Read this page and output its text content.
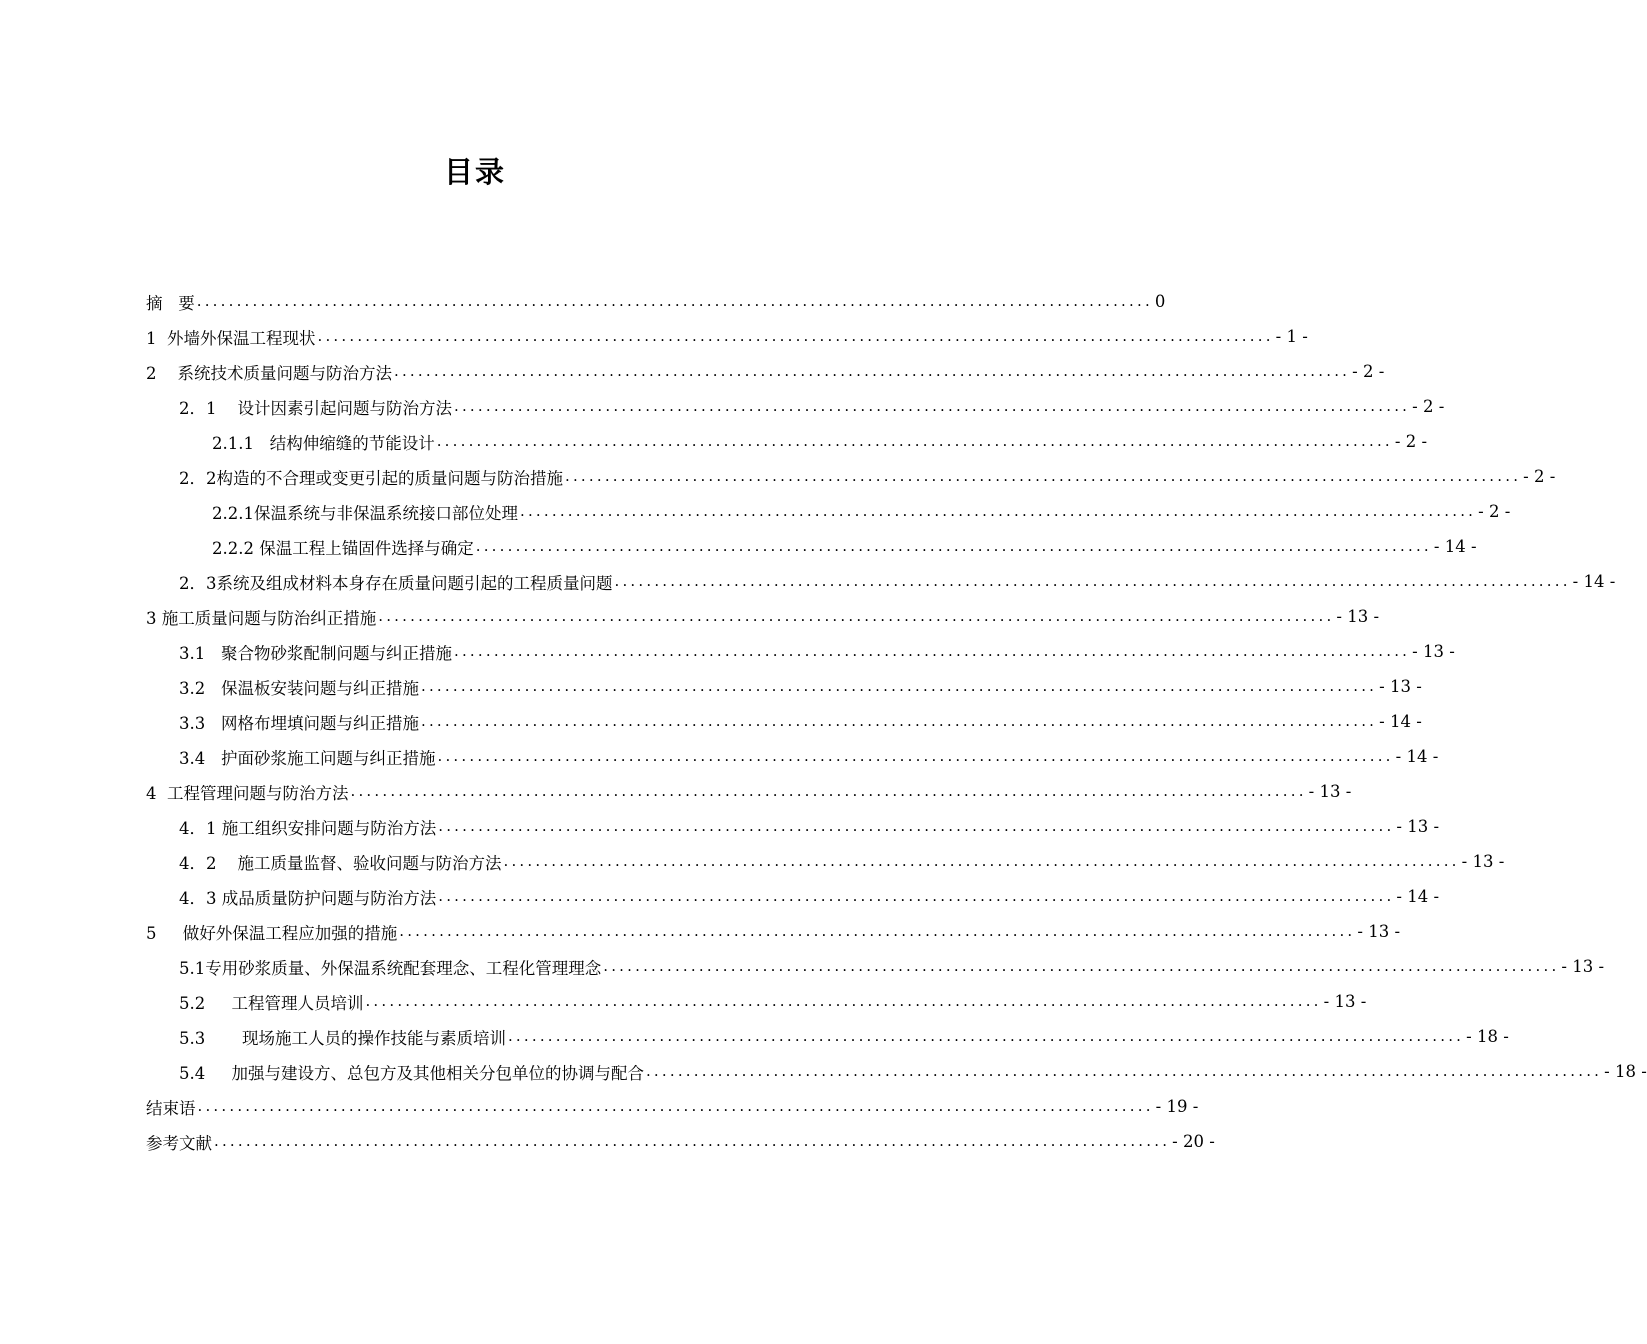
目录
摘   要 ........................................................................................................................ 0
1  外墙外保温工程现状 ........................................................................................................................ - 1 -
2    系统技术质量问题与防治方法 ........................................................................................................................ - 2 -
2．1    设计因素引起问题与防治方法 ........................................................................................................................ - 2 -
2.1.1   结构伸缩缝的节能设计 ........................................................................................................................ - 2 -
2．2构造的不合理或变更引起的质量问题与防治措施 ........................................................................................................................ - 2 -
2.2.1保温系统与非保温系统接口部位处理 ........................................................................................................................ - 2 -
2.2.2 保温工程上锚固件选择与确定 ........................................................................................................................ - 14 -
2．3系统及组成材料本身存在质量问题引起的工程质量问题 ........................................................................................................................ - 14 -
3 施工质量问题与防治纠正措施 ........................................................................................................................ - 13 -
3.1   聚合物砂浆配制问题与纠正措施 ........................................................................................................................ - 13 -
3.2   保温板安装问题与纠正措施 ........................................................................................................................ - 13 -
3.3   网格布埋填问题与纠正措施 ........................................................................................................................ - 14 -
3.4   护面砂浆施工问题与纠正措施 ........................................................................................................................ - 14 -
4  工程管理问题与防治方法 ........................................................................................................................ - 13 -
4．1 施工组织安排问题与防治方法 ........................................................................................................................ - 13 -
4．2    施工质量监督、验收问题与防治方法 ........................................................................................................................ - 13 -
4．3 成品质量防护问题与防治方法 ........................................................................................................................ - 14 -
5     做好外保温工程应加强的措施 ........................................................................................................................ - 13 -
5.1专用砂浆质量、外保温系统配套理念、工程化管理理念 ........................................................................................................................ - 13 -
5.2     工程管理人员培训 ........................................................................................................................ - 13 -
5.3       现场施工人员的操作技能与素质培训 ........................................................................................................................ - 18 -
5.4     加强与建设方、总包方及其他相关分包单位的协调与配合 ........................................................................................................................ - 18 -
结束语 ........................................................................................................................ - 19 -
参考文献 ........................................................................................................................ - 20 -
